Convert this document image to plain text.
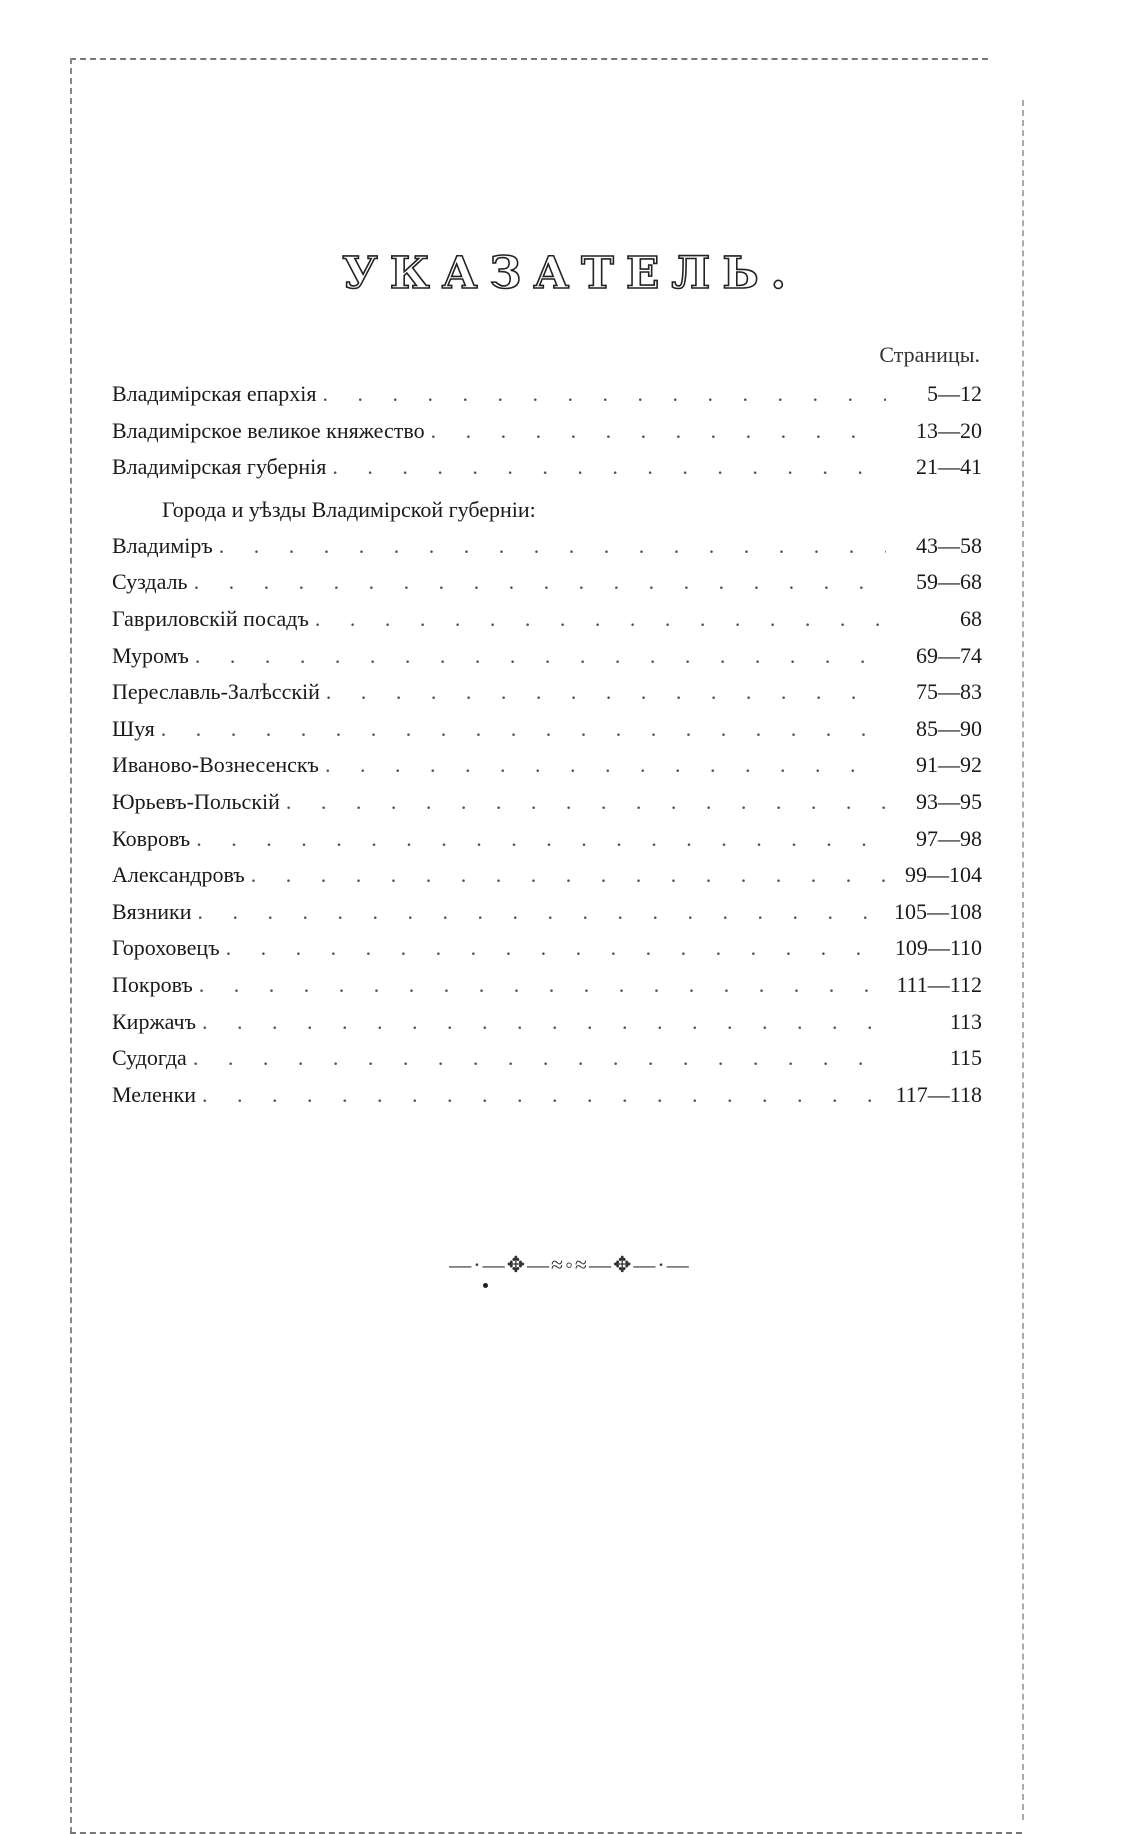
УКАЗАТЕЛЬ.
Страницы.
Владимірская епархія . . .	5—12
Владимірское великое княжество . . .	13—20
Владимірская губернія . . .	21—41
Города и уѣзды Владимірской губерніи:
Владиміръ . . .	43—58
Суздаль . . .	59—68
Гавриловскій посадъ . . .	68
Муромъ . . .	69—74
Переславль-Залѣсскій . . .	75—83
Шуя . . .	85—90
Иваново-Вознесенскъ . . .	91—92
Юрьевъ-Польскій . . .	93—95
Ковровъ . . .	97—98
Александровъ . . .	99—104
Вязники . . .	105—108
Гороховецъ . . .	109—110
Покровъ . . .	111—112
Киржачъ . . .	113
Судогда . . .	115
Меленки . . .	117—118
—·—✥—≈◦≈—✥—·—
